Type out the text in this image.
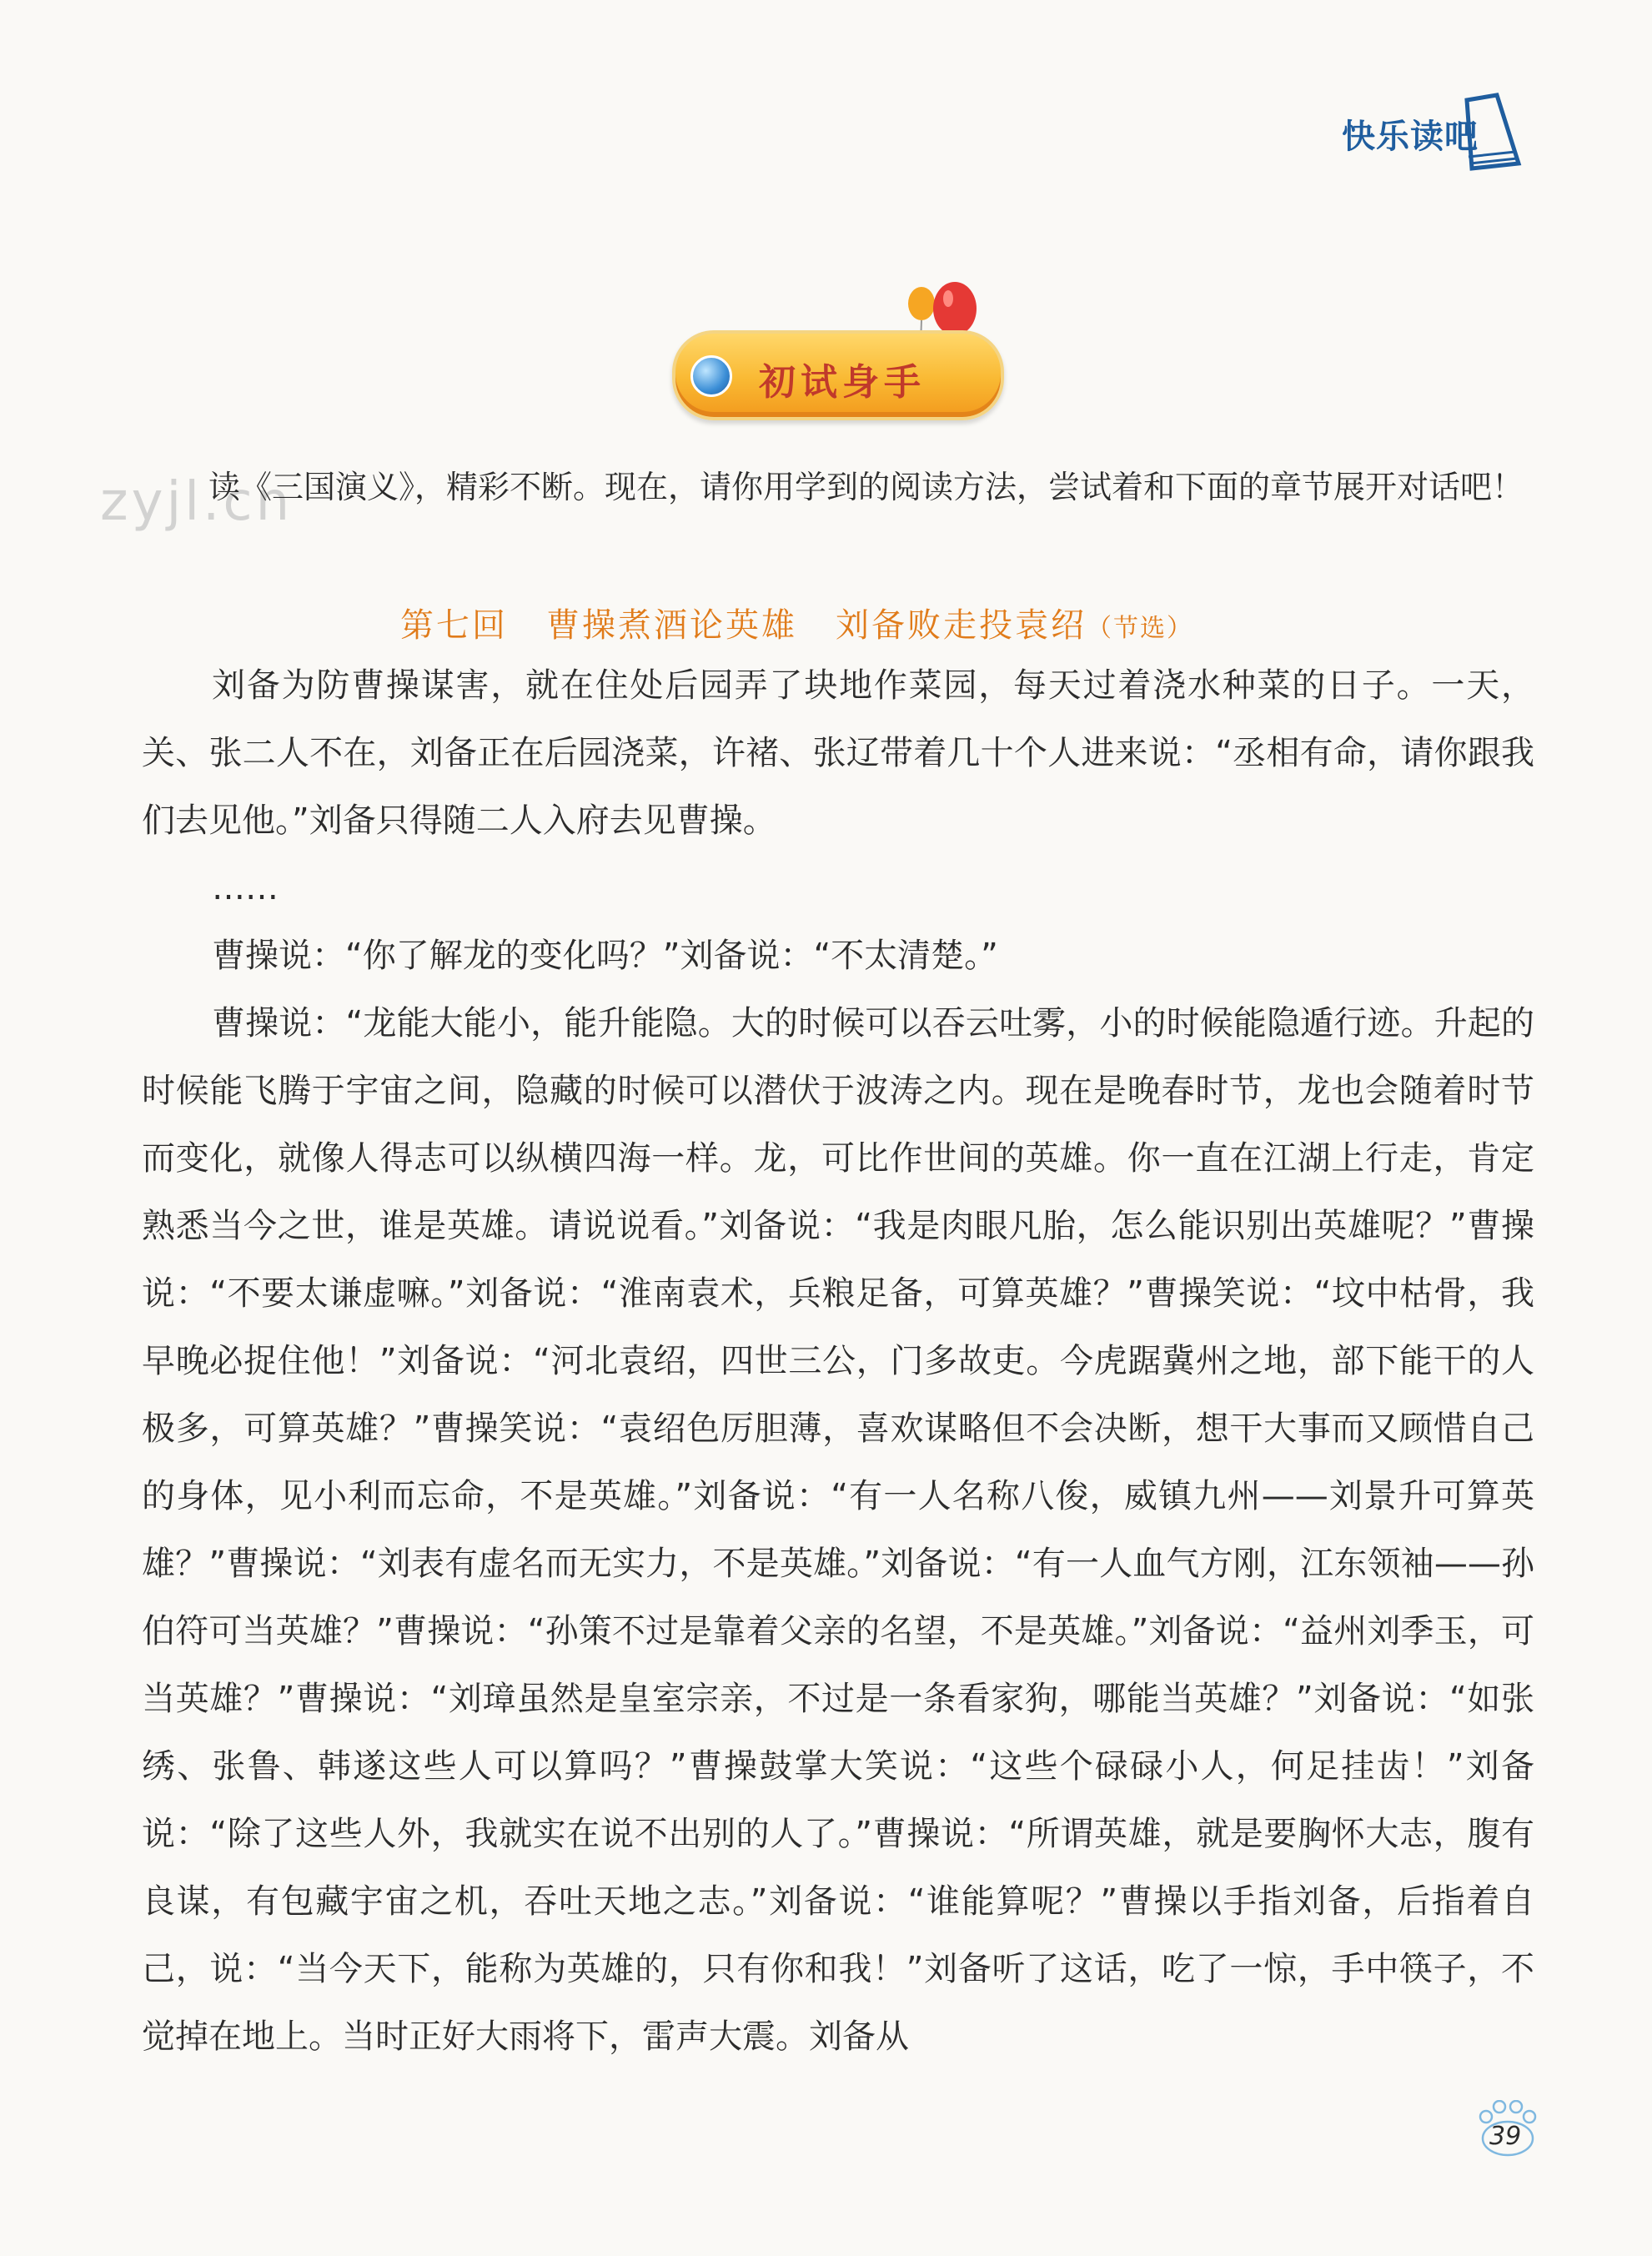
快乐读吧
初试身手
zyjl.cn
读《三国演义》，精彩不断。现在，请你用学到的阅读方法，尝试着和下面的章节展开对话吧！
第七回 曹操煮酒论英雄 刘备败走投袁绍（节选）

刘备为防曹操谋害，就在住处后园弄了块地作菜园，每天过着浇水种菜的日子。一天，关、张二人不在，刘备正在后园浇菜，许褚、张辽带着几十个人进来说：“丞相有命，请你跟我们去见他。”刘备只得随二人入府去见曹操。

……

曹操说：“你了解龙的变化吗？”刘备说：“不太清楚。”

曹操说：“龙能大能小，能升能隐。大的时候可以吞云吐雾，小的时候能隐遁行迹。升起的时候能飞腾于宇宙之间，隐藏的时候可以潜伏于波涛之内。现在是晚春时节，龙也会随着时节而变化，就像人得志可以纵横四海一样。龙，可比作世间的英雄。你一直在江湖上行走，肯定熟悉当今之世，谁是英雄。请说说看。”刘备说：“我是肉眼凡胎，怎么能识别出英雄呢？”曹操说：“不要太谦虚嘛。”刘备说：“淮南袁术，兵粮足备，可算英雄？”曹操笑说：“坟中枯骨，我早晚必捉住他！”刘备说：“河北袁绍，四世三公，门多故吏。今虎踞冀州之地，部下能干的人极多，可算英雄？”曹操笑说：“袁绍色厉胆薄，喜欢谋略但不会决断，想干大事而又顾惜自己的身体，见小利而忘命，不是英雄。”刘备说：“有一人名称八俊，威镇九州——刘景升可算英雄？”曹操说：“刘表有虚名而无实力，不是英雄。”刘备说：“有一人血气方刚，江东领袖——孙伯符可当英雄？”曹操说：“孙策不过是靠着父亲的名望，不是英雄。”刘备说：“益州刘季玉，可当英雄？”曹操说：“刘璋虽然是皇室宗亲，不过是一条看家狗，哪能当英雄？”刘备说：“如张绣、张鲁、韩遂这些人可以算吗？”曹操鼓掌大笑说：“这些个碌碌小人，何足挂齿！”刘备说：“除了这些人外，我就实在说不出别的人了。”曹操说：“所谓英雄，就是要胸怀大志，腹有良谋，有包藏宇宙之机，吞吐天地之志。”刘备说：“谁能算呢？”曹操以手指刘备，后指着自己，说：“当今天下，能称为英雄的，只有你和我！”刘备听了这话，吃了一惊，手中筷子，不觉掉在地上。当时正好大雨将下，雷声大震。刘备从

39
